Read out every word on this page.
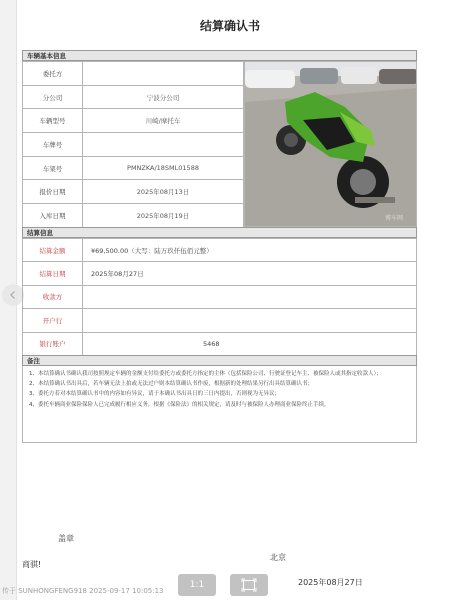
结算确认书
车辆基本信息
委托方	
分公司	宁波分公司
车辆型号	川崎/摩托车
车牌号	
车架号	PMNZKA/18SML01588
报价日期	2025年08月13日
入库日期	2025年08月19日	博车网
结算信息
结算金额	¥69,500.00（大写：陆万玖仟伍佰元整）
结算日期	2025年08月27日
收款方	
开户行	
银行账户	5468
备注

1、本结算确认书确认我司按照规定车辆的金额支付给委托方或委托方指定的主体（包括保险公司、行驶证登记车主、被保险人或其指定收款人）；

2、本结算确认书出具后，若车辆无法上拍或无法过户则本结算确认书作废，根据新的处理结果另行出具结算确认书；

3、委托方若对本结算确认书中的内容如有异议，请于本确认书出具日的三日内提出，否则视为无异议；

4、委托车辆商业保险保险人已完成履行相应义务，根据《保险法》的相关规定，请及时与被保险人办理商业保险终止手续。

盖章
商骐!
北京
2025年08月27日
传于 SUNHONGFENG918 2025-09-17 10:05:13
1:1
